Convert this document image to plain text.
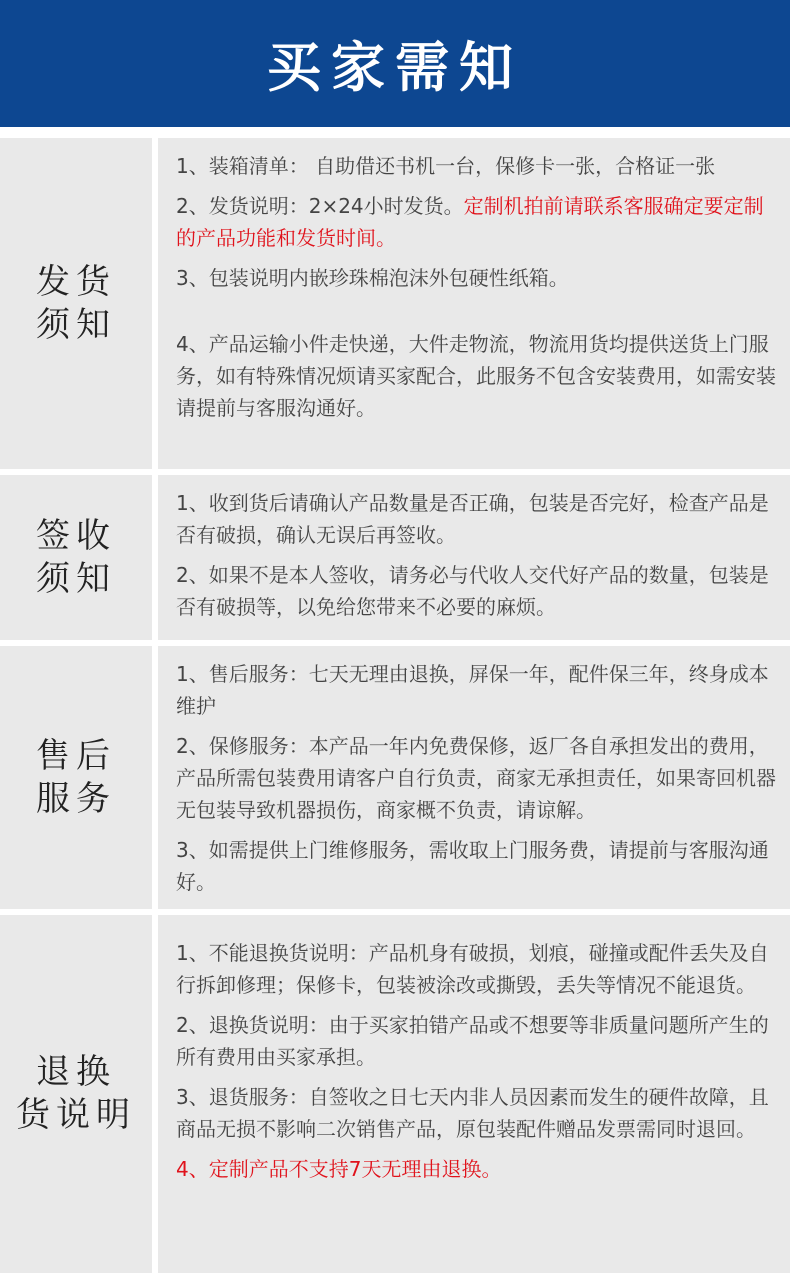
买家需知
发货
须知

1、装箱清单： 自助借还书机一台，保修卡一张，合格证一张

2、发货说明：2×24小时发货。定制机拍前请联系客服确定要定制的产品功能和发货时间。

3、包装说明内嵌珍珠棉泡沫外包硬性纸箱。

4、产品运输小件走快递，大件走物流，物流用货均提供送货上门服务，如有特殊情况烦请买家配合，此服务不包含安装费用，如需安装请提前与客服沟通好。

签收
须知

1、收到货后请确认产品数量是否正确，包装是否完好，检查产品是否有破损，确认无误后再签收。

2、如果不是本人签收，请务必与代收人交代好产品的数量，包装是否有破损等，以免给您带来不必要的麻烦。

售后
服务

1、售后服务：七天无理由退换，屏保一年，配件保三年，终身成本维护

2、保修服务：本产品一年内免费保修，返厂各自承担发出的费用，产品所需包装费用请客户自行负责，商家无承担责任，如果寄回机器无包装导致机器损伤，商家概不负责，请谅解。

3、如需提供上门维修服务，需收取上门服务费，请提前与客服沟通好。

退换
货说明

1、不能退换货说明：产品机身有破损，划痕，碰撞或配件丢失及自行拆卸修理；保修卡，包装被涂改或撕毁，丢失等情况不能退货。

2、退换货说明：由于买家拍错产品或不想要等非质量问题所产生的所有费用由买家承担。

3、退货服务：自签收之日七天内非人员因素而发生的硬件故障，且商品无损不影响二次销售产品，原包装配件赠品发票需同时退回。

4、定制产品不支持7天无理由退换。
